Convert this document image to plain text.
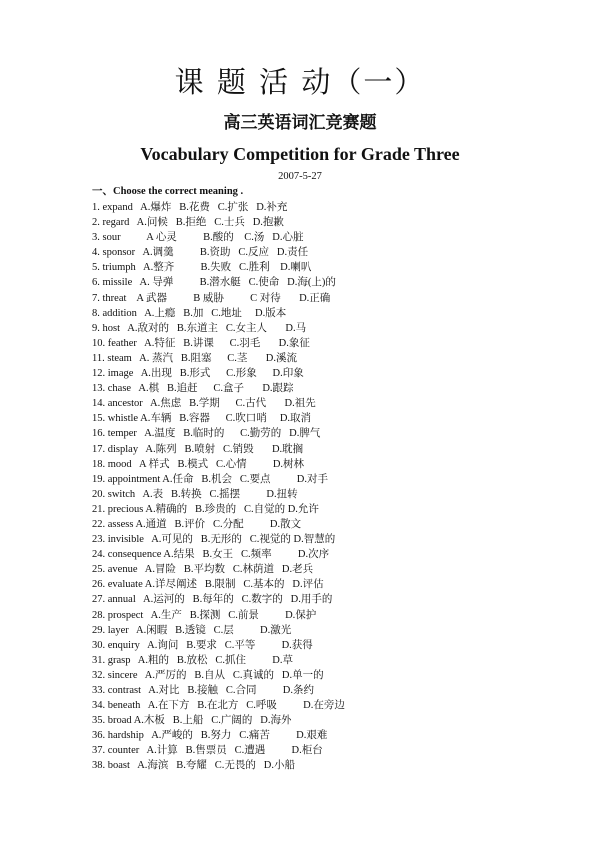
课 题 活 动（一）
高三英语词汇竞赛题
Vocabulary Competition for Grade Three
2007-5-27
一、Choose the correct meaning .
1. expand   A.爆炸   B.花费   C.扩张   D.补充
2. regard   A.问候   B.拒绝   C.士兵   D.抱歉
3. sour          A 心灵          B.酸的    C.汤   D.心脏
4. sponsor   A.调羹          B.资助   C.反应   D.责任
5. triumph   A.整齐          B.失败   C.胜利    D.喇叭
6. missile   A. 导弹          B.潜水艇   C.使命   D.海(上)的
7. threat    A 武器          B 威胁          C 对待       D.正确
8. addition   A.上瘾   B.加   C.地址     D.版本
9. host   A.敌对的   B.东道主   C.女主人       D.马
10. feather   A.特征   B.讲课      C.羽毛       D.象征
11. steam   A. 蒸汽   B.阻塞      C.茎       D.溪流
12. image   A.出现   B.形式      C.形象      D.印象
13. chase   A.棋   B.追赶      C.盒子       D.跟踪
14. ancestor   A.焦虑   B.学期      C.古代       D.祖先
15. whistle A.车辆   B.容器      C.吹口哨     D.取消
16. temper   A.温度   B.临时的      C.勤劳的   D.脾气
17. display   A.陈列   B.喷射   C.销毁       D.耽搁
18. mood   A 样式   B.模式   C.心情          D.树林
19. appointment A.任命   B.机会   C.要点          D.对手
20. switch   A.表   B.转换   C.摇摆          D.扭转
21. precious A.精确的   B.珍贵的   C.自觉的 D.允许
22. assess A.通道   B.评价   C.分配          D.散文
23. invisible   A.可见的   B.无形的   C.视觉的 D.智慧的
24. consequence A.结果   B.女王   C.频率          D.次序
25. avenue   A.冒险   B.平均数   C.林荫道   D.老兵
26. evaluate A.详尽阐述   B.限制   C.基本的   D.评估
27. annual   A.运河的   B.每年的   C.数字的   D.用手的
28. prospect   A.生产   B.探测   C.前景          D.保护
29. layer   A.闲暇   B.透镜   C.层          D.激光
30. enquiry   A.询问   B.要求   C.平等          D.获得
31. grasp   A.粗的   B.放松   C.抓住          D.草
32. sincere   A.严厉的   B.自从   C.真诚的   D.单一的
33. contrast   A.对比   B.接触   C.合同          D.条约
34. beneath   A.在下方   B.在北方   C.呼吸          D.在旁边
35. broad A.木板   B.上船   C.广阔的   D.海外
36. hardship   A.严峻的   B.努力   C.痛苦          D.艰难
37. counter   A.计算   B.售票员   C.遭遇          D.柜台
38. boast   A.海滨   B.夸耀   C.无畏的   D.小船
